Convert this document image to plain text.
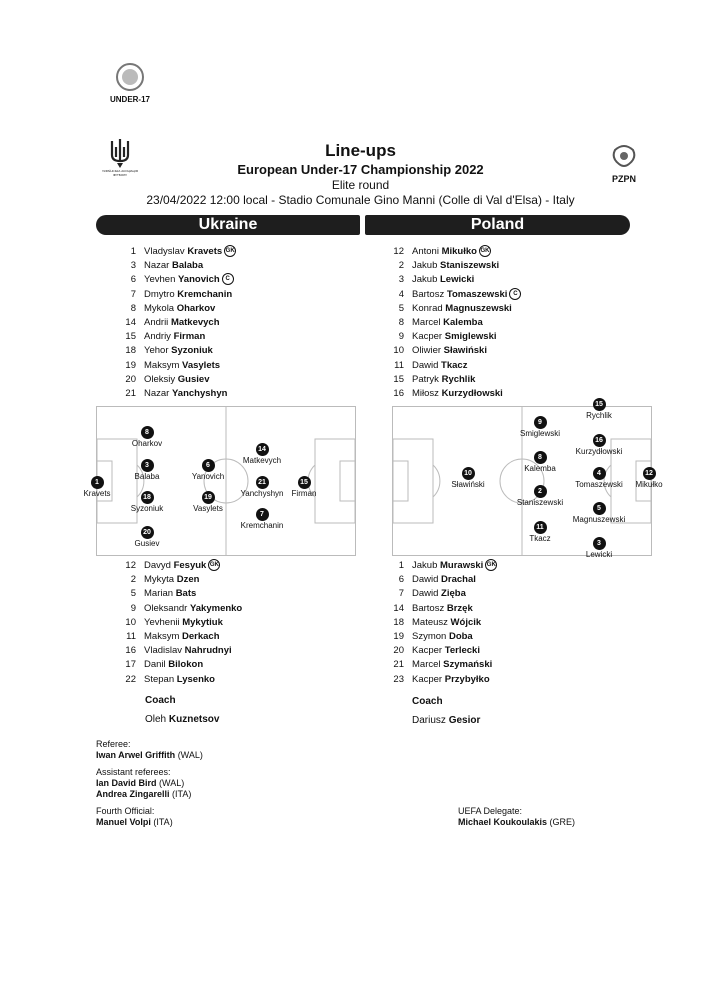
UNDER-17
УКРАЇНСЬКА АСОЦІАЦІЯ ФУТБОЛУ	PZPN
Line-ups
European Under-17 Championship 2022
Elite round
23/04/2022 12:00 local - Stadio Comunale Gino Manni (Colle di Val d'Elsa) - Italy
Ukraine	Poland
1 Vladyslav
Kravets GK
3 Nazar
Balaba
6 Yevhen
Yanovich C
7 Dmytro
Kremchanin
8 Mykola
Oharkov
14 Andrii
Matkevych
15 Andriy
Firman
18 Yehor
Syzoniuk
19 Maksym
Vasylets
20 Oleksiy
Gusiev
21 Nazar
Yanchyshyn
12 Antoni
Mikułko GK
2 Jakub
Staniszewski
3 Jakub
Lewicki
4 Bartosz
Tomaszewski C
5 Konrad
Magnuszewski
8 Marcel
Kalemba
9 Kacper
Smiglewski
10 Oliwier
Sławiński
11 Dawid
Tkacz
15 Patryk
Rychlik
16 Miłosz
Kurzydłowski
1
Kravets
8
Oharkov
3
Balaba
18
Syzoniuk
20
Gusiev
6
Yanovich
19
Vasylets
14
Matkevych
21
Yanchyshyn
7
Kremchanin
15
Firman
15
Rychlik
9
Smiglewski
16
Kurzydłowski
8
Kalemba
10
Sławiński
4
Tomaszewski
12
Mikułko
2
Staniszewski
5
Magnuszewski
11
Tkacz
3
Lewicki
12 Davyd
Fesyuk GK
2 Mykyta
Dzen
5 Marian
Bats
9 Oleksandr
Yakymenko
10 Yevhenii
Mykytiuk
11 Maksym
Derkach
16 Vladislav
Nahrudnyi
17 Danil
Bilokon
22 Stepan
Lysenko
1 Jakub
Murawski GK
6 Dawid
Drachal
7 Dawid
Zięba
14 Bartosz
Brzęk
18 Mateusz
Wójcik
19 Szymon
Doba
20 Kacper
Terlecki
21 Marcel
Szymański
23 Kacper
Przybyłko
Coach
Oleh Kuznetsov
Coach
Dariusz Gesior
Referee:
Iwan Arwel Griffith (WAL)
Assistant referees:
Ian David Bird (WAL)
Andrea Zingarelli (ITA)
Fourth Official:
Manuel Volpi (ITA)
UEFA Delegate:
Michael Koukoulakis (GRE)
